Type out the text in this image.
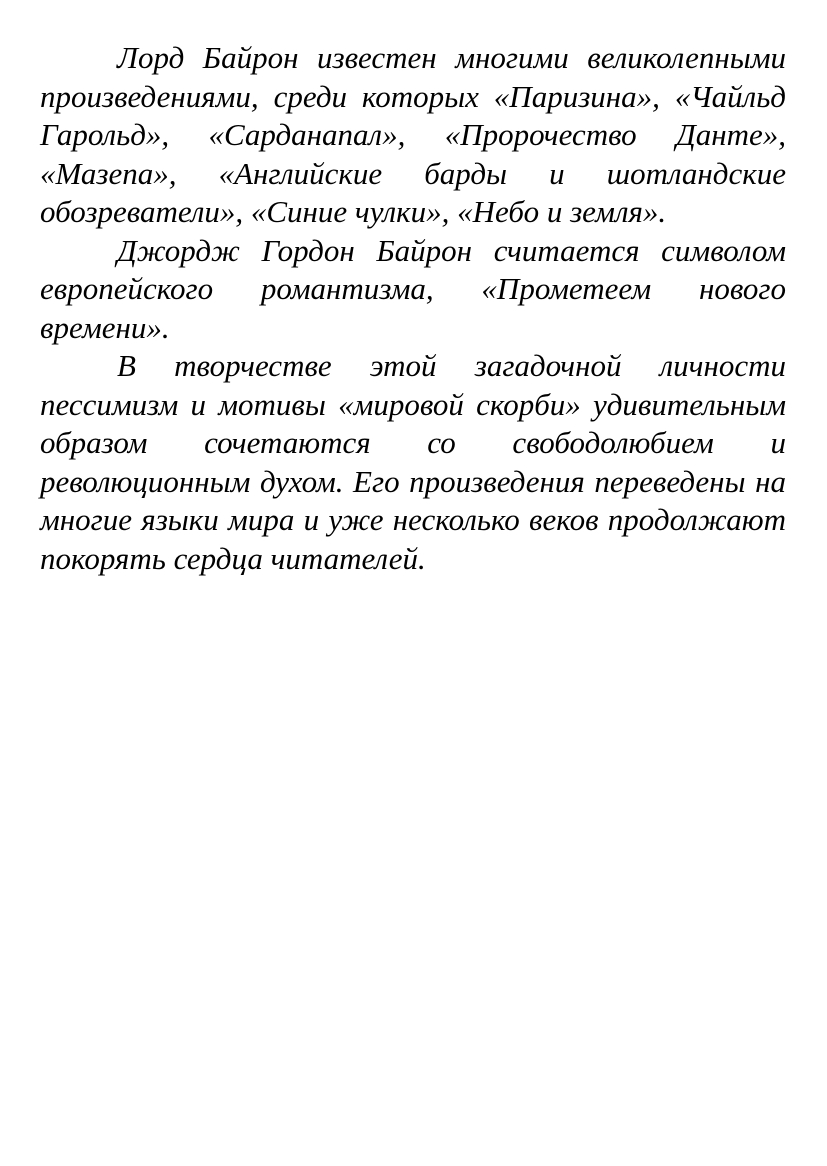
Лорд Байрон известен многими великолепными произведениями, среди которых «Паризина», «Чайльд Гарольд», «Сарданапал», «Пророчество Данте», «Мазепа», «Английские барды и шотландские обозреватели», «Синие чулки», «Небо и земля».

Джордж Гордон Байрон считается символом европейского романтизма, «Прометеем нового времени».

В творчестве этой загадочной личности пессимизм и мотивы «мировой скорби» удивительным образом сочетаются со свободолюбием и революционным духом. Его произведения переведены на многие языки мира и уже несколько веков продолжают покорять сердца читателей.
